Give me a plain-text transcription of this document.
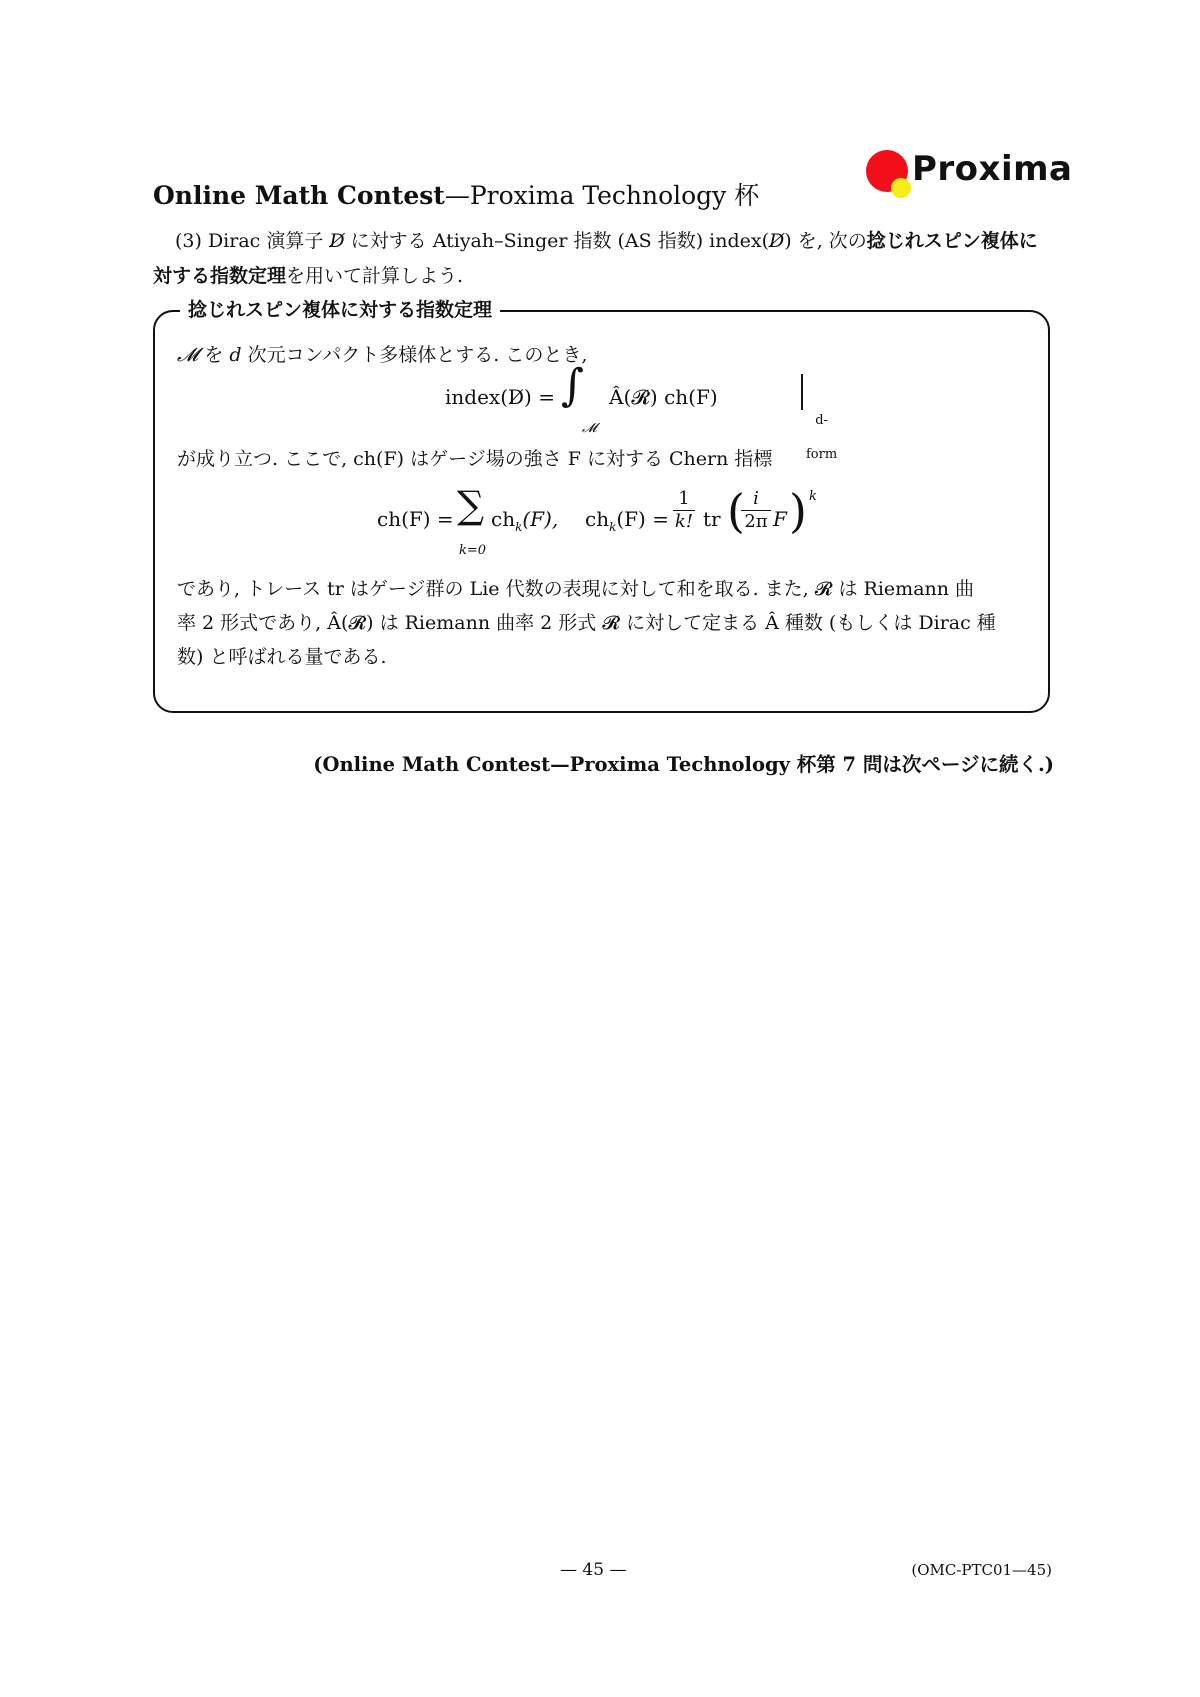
Online Math Contest—Proxima Technology 杯
Proxima

(3) Dirac 演算子 D̸ に対する Atiyah–Singer 指数 (AS 指数) index(D̸) を, 次の捻じれスピン複体に対する指数定理を用いて計算しよう.

捻じれスピン複体に対する指数定理

𝓜 を d 次元コンパクト多様体とする. このとき,

index(D̸) = ∫
𝓜
Â(𝓡) ch(F)
d-form

が成り立つ. ここで, ch(F) はゲージ場の強さ F に対する Chern 指標

ch(F) = ∑
k=0
$ch_k(F)$, $ch_k(F) = \frac{1}{k!}$ tr (
$\frac{i}{2\pi}$ F ) k

であり, トレース tr はゲージ群の Lie 代数の表現に対して和を取る. また, 𝓡 は Riemann 曲

率 2 形式であり, Â(𝓡) は Riemann 曲率 2 形式 𝓡 に対して定まる Â 種数 (もしくは Dirac 種

数) と呼ばれる量である.

(Online Math Contest—Proxima Technology 杯第 7 問は次ページに続く.)
— 45 —	(OMC-PTC01—45)
